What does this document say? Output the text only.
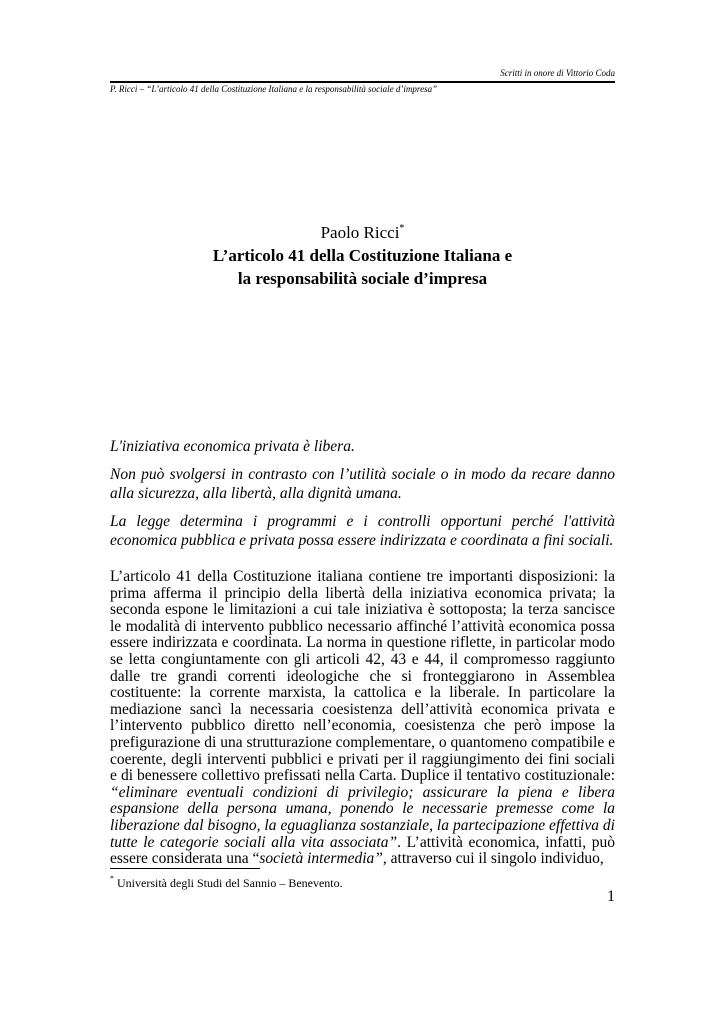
Scritti in onore di Vittorio Coda
P. Ricci – “L’articolo 41 della Costituzione Italiana e la responsabilità sociale d’impresa”
Paolo Ricci*
L’articolo 41 della Costituzione Italiana e
la responsabilità sociale d’impresa

L'iniziativa economica privata è libera.

Non può svolgersi in contrasto con l’utilità sociale o in modo da recare danno alla sicurezza, alla libertà, alla dignità umana.

La legge determina i programmi e i controlli opportuni perché l'attività economica pubblica e privata possa essere indirizzata e coordinata a fini sociali.

L’articolo 41 della Costituzione italiana contiene tre importanti disposizioni: la prima afferma il principio della libertà della iniziativa economica privata; la seconda espone le limitazioni a cui tale iniziativa è sottoposta; la terza sancisce le modalità di intervento pubblico necessario affinché l’attività economica possa essere indirizzata e coordinata. La norma in questione riflette, in particolar modo se letta congiuntamente con gli articoli 42, 43 e 44, il compromesso raggiunto dalle tre grandi correnti ideologiche che si fronteggiarono in Assemblea costituente: la corrente marxista, la cattolica e la liberale. In particolare la mediazione sancì la necessaria coesistenza dell’attività economica privata e l’intervento pubblico diretto nell’economia, coesistenza che però impose la prefigurazione di una strutturazione complementare, o quantomeno compatibile e coerente, degli interventi pubblici e privati per il raggiungimento dei fini sociali e di benessere collettivo prefissati nella Carta. Duplice il tentativo costituzionale: “eliminare eventuali condizioni di privilegio; assicurare la piena e libera espansione della persona umana, ponendo le necessarie premesse come la liberazione dal bisogno, la eguaglianza sostanziale, la partecipazione effettiva di tutte le categorie sociali alla vita associata”. L’attività economica, infatti, può essere considerata una “società intermedia”, attraverso cui il singolo individuo,

* Università degli Studi del Sannio – Benevento.
1
